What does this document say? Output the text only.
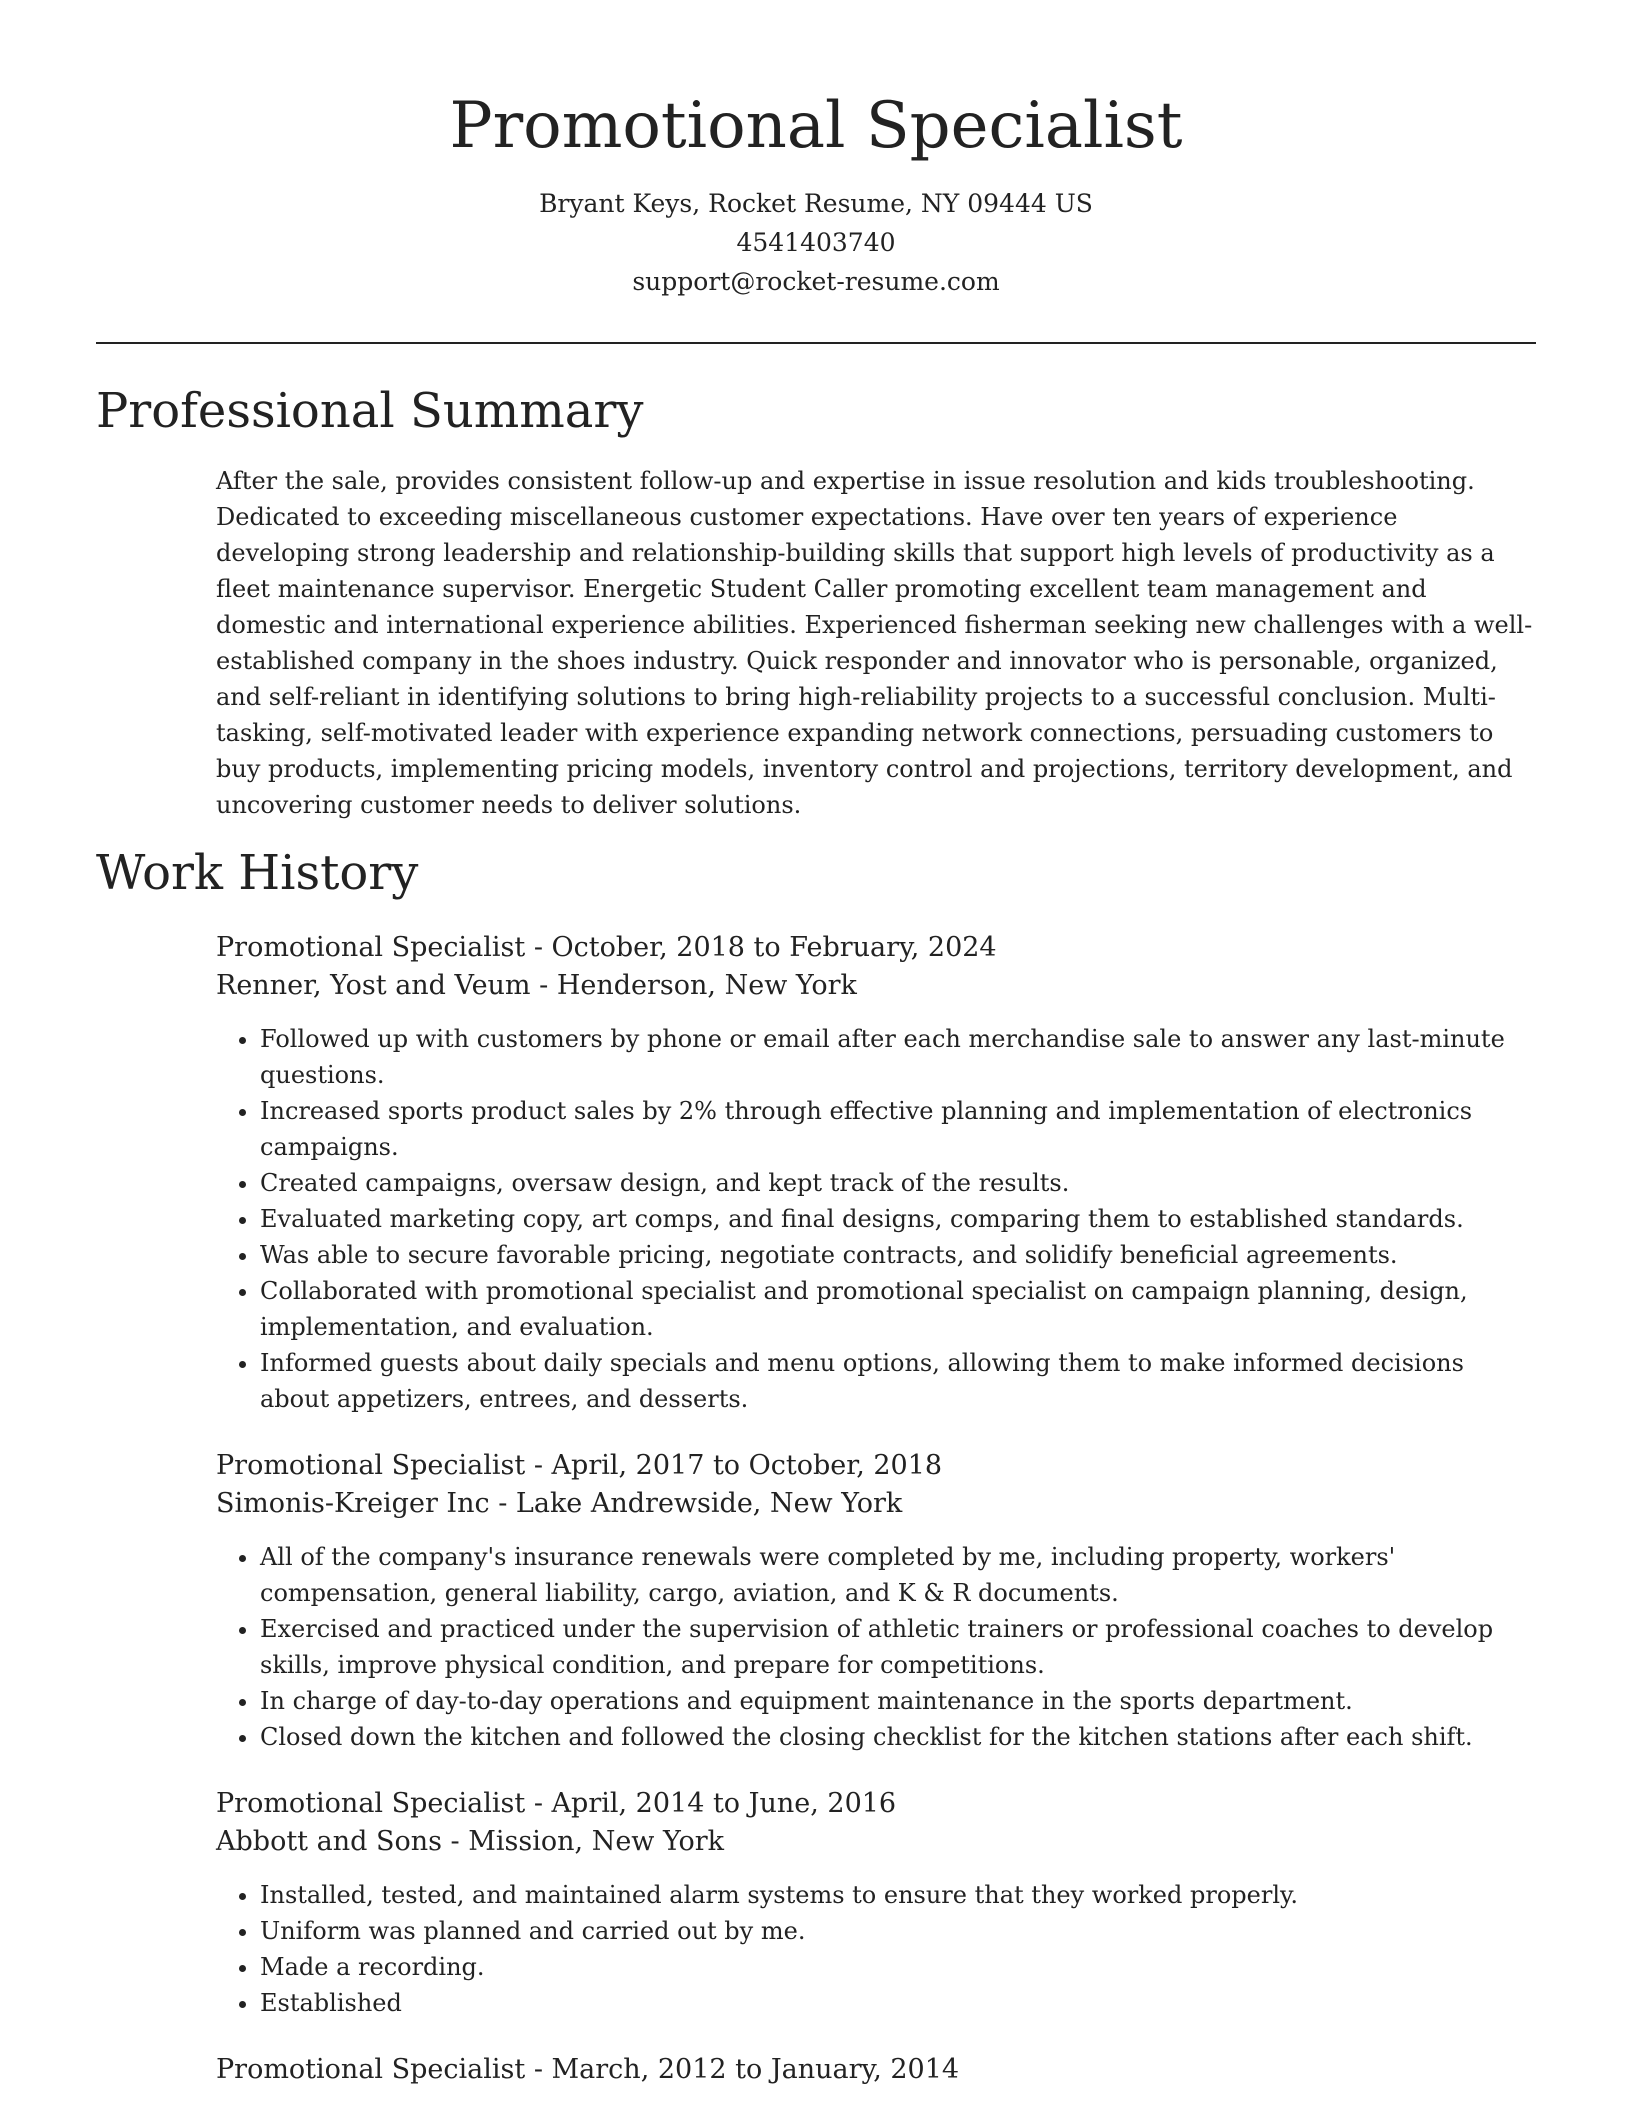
Promotional Specialist

Bryant Keys, Rocket Resume, NY 09444 US

4541403740

support@rocket-resume.com

Professional Summary

After the sale, provides consistent follow-up and expertise in issue resolution and kids troubleshooting. Dedicated to exceeding miscellaneous customer expectations. Have over ten years of experience developing strong leadership and relationship-building skills that support high levels of productivity as a fleet maintenance supervisor. Energetic Student Caller promoting excellent team management and domestic and international experience abilities. Experienced fisherman seeking new challenges with a well-established company in the shoes industry. Quick responder and innovator who is personable, organized, and self-reliant in identifying solutions to bring high-reliability projects to a successful conclusion. Multi-tasking, self-motivated leader with experience expanding network connections, persuading customers to buy products, implementing pricing models, inventory control and projections, territory development, and uncovering customer needs to deliver solutions.

Work History

Promotional Specialist - October, 2018 to February, 2024

Renner, Yost and Veum - Henderson, New York

• Followed up with customers by phone or email after each merchandise sale to answer any last-minute questions.
• Increased sports product sales by 2% through effective planning and implementation of electronics campaigns.
• Created campaigns, oversaw design, and kept track of the results.
• Evaluated marketing copy, art comps, and final designs, comparing them to established standards.
• Was able to secure favorable pricing, negotiate contracts, and solidify beneficial agreements.
• Collaborated with promotional specialist and promotional specialist on campaign planning, design, implementation, and evaluation.
• Informed guests about daily specials and menu options, allowing them to make informed decisions about appetizers, entrees, and desserts.

Promotional Specialist - April, 2017 to October, 2018

Simonis-Kreiger Inc - Lake Andrewside, New York

• All of the company's insurance renewals were completed by me, including property, workers' compensation, general liability, cargo, aviation, and K & R documents.
• Exercised and practiced under the supervision of athletic trainers or professional coaches to develop skills, improve physical condition, and prepare for competitions.
• In charge of day-to-day operations and equipment maintenance in the sports department.
• Closed down the kitchen and followed the closing checklist for the kitchen stations after each shift.

Promotional Specialist - April, 2014 to June, 2016

Abbott and Sons - Mission, New York

• Installed, tested, and maintained alarm systems to ensure that they worked properly.
• Uniform was planned and carried out by me.
• Made a recording.
• Established

Promotional Specialist - March, 2012 to January, 2014
